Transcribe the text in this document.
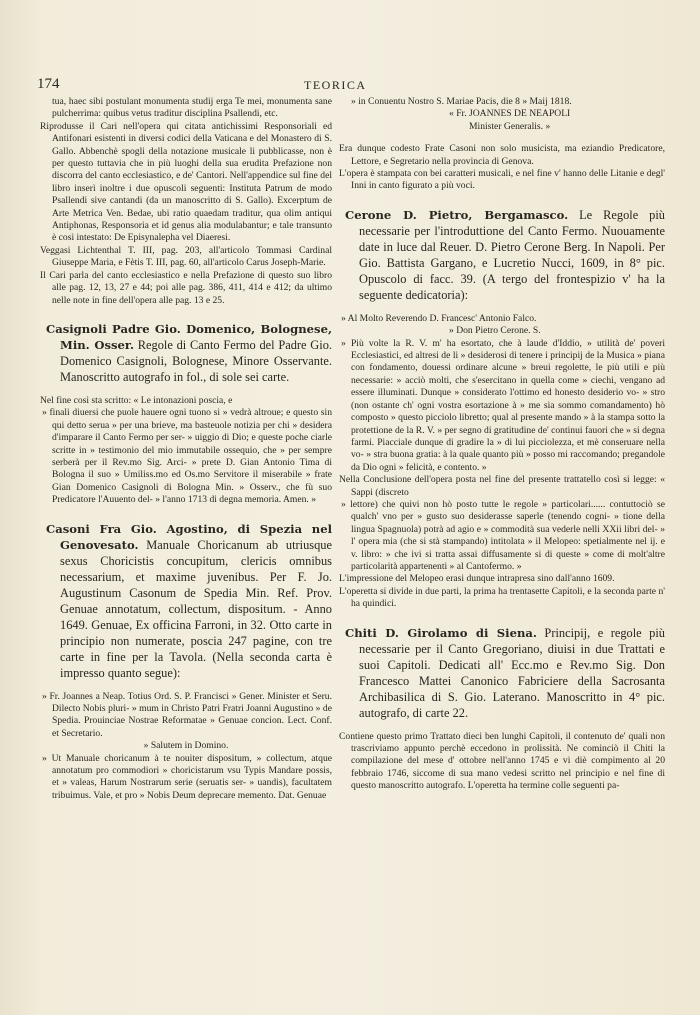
174	TEORICA

tua, haec sibi postulant monumenta studij erga Te mei, monumenta sane pulcherrima: quibus vetus traditur disciplina Psallendi, etc.

Riprodusse il Cari nell'opera qui citata antichissimi Responsoriali ed Antifonari esistenti in diversi codici della Vaticana e del Monastero di S. Gallo. Abbenchè spogli della notazione musicale li pubblicasse, non è per questo tuttavia che in più luoghi della sua erudita Prefazione non discorra del canto ecclesiastico, e de' Cantori. Nell'appendice sul fine del libro inserì inoltre i due opuscoli seguenti: Instituta Patrum de modo Psallendi sive cantandi (da un manoscritto di S. Gallo). Excerptum de Arte Metrica Ven. Bedae, ubi ratio quaedam traditur, qua olim antiqui Antiphonas, Responsoria et id genus alia modulabantur; e tale transunto è così intestato: De Episynalepha vel Diaeresi.

Veggasi Lichtenthal T. III, pag. 203, all'articolo Tommasi Cardinal Giuseppe Maria, e Fètis T. III, pag. 60, all'articolo Carus Joseph-Marie.

Il Cari parla del canto ecclesiastico e nella Prefazione di questo suo libro alle pag. 12, 13, 27 e 44; poi alle pag. 386, 411, 414 e 412; da ultimo nelle note in fine dell'opera alle pag. 13 e 25.

Casignoli Padre Gio. Domenico, Bolognese, Min. Osser. Regole di Canto Fermo del Padre Gio. Domenico Casignoli, Bolognese, Minore Osservante. Manoscritto autografo in fol., di sole sei carte.

Nel fine così sta scritto: « Le intonazioni poscia, e

» finali diuersi che puole hauere ogni tuono si » vedrà altroue; e questo sin qui detto serua » per una brieve, ma basteuole notizia per chi » desidera d'imparare il Canto Fermo per ser- » uiggio di Dio; e queste poche ciarle scritte in » testimonio del mio immutabile ossequio, che » per sempre serberà per il Rev.mo Sig. Arci- » prete D. Gian Antonio Tima di Bologna il suo » Umiliss.mo ed Os.mo Servitore il miserabile » frate Gian Domenico Casignoli di Bologna Min. » Osserv., che fù suo Predicatore l'Auuento del- » l'anno 1713 di degna memoria. Amen. »

Casoni Fra Gio. Agostino, di Spezia nel Genovesato. Manuale Choricanum ab utriusque sexus Choricistis concupitum, clericis omnibus necessarium, et maxime juvenibus. Per F. Jo. Augustinum Casonum de Spedia Min. Ref. Prov. Genuae annotatum, collectum, dispositum. - Anno 1649. Genuae, Ex officina Farroni, in 32. Otto carte in principio non numerate, poscia 247 pagine, con tre carte in fine per la Tavola. (Nella seconda carta è impresso quanto segue):

» Fr. Joannes a Neap. Totius Ord. S. P. Francisci » Gener. Minister et Seru. Dilecto Nobis pluri- » mum in Christo Patri Fratri Joanni Augustino » de Spedia. Prouinciae Nostrae Reformatae » Genuae concion. Lect. Conf. et Secretario.

» Salutem in Domino.

» Ut Manuale choricanum à te nouiter dispositum, » collectum, atque annotatum pro commodiori » choricistarum vsu Typis Mandare possis, et » valeas, Harum Nostrarum serie (seruatis ser- » uandis), facultatem tribuimus. Vale, et pro » Nobis Deum deprecare memento. Dat. Genuae

» in Conuentu Nostro S. Mariae Pacis, die 8 » Maij 1818.

« Fr. JOANNES DE NEAPOLI

Minister Generalis. »

Era dunque codesto Frate Casoni non solo musicista, ma eziandio Predicatore, Lettore, e Segretario nella provincia di Genova.

L'opera è stampata con bei caratteri musicali, e nel fine v' hanno delle Litanie e degl' Inni in canto figurato a più voci.

Cerone D. Pietro, Bergamasco. Le Regole più necessarie per l'introduttione del Canto Fermo. Nuouamente date in luce dal Reuer. D. Pietro Cerone Berg. In Napoli. Per Gio. Battista Gargano, e Lucretio Nucci, 1609, in 8° pic. Opuscolo di facc. 39. (A tergo del frontespizio v' ha la seguente dedicatoria):

» Al Molto Reverendo D. Francesc' Antonio Falco.

» Don Pietro Cerone. S.

» Più volte la R. V. m' ha esortato, che à laude d'Iddio, » utilità de' poveri Ecclesiastici, ed altresi de li » desiderosi di tenere i principij de la Musica » piana con fondamento, douessi ordinare alcune » breui regolette, le più utili e più necessarie: » acciò molti, che s'esercitano in quella come » ciechi, vengano ad essere illuminati. Dunque » considerato l'ottimo ed honesto desiderio vo- » stro (non ostante ch' ogni vostra esortazione à » me sia sommo comandamento) hò composto » questo picciolo libretto; qual al presente mando » à la stampa sotto la protettione de la R. V. » per segno di gratitudine de' continui fauori che » si degna farmi. Piacciale dunque di gradire la » di lui picciolezza, et mè conseruare nella vo- » stra buona gratia: à la quale quanto più » posso mi raccomando; pregandole da Dio ogni » felicità, e contento. »

Nella Conclusione dell'opera posta nel fine del presente trattatello così si legge: « Sappi (discreto

» lettore) che quivi non hò posto tutte le regole » particolari...... contuttociò se qualch' vno per » gusto suo desiderasse saperle (tenendo cogni- » tione della lingua Spagnuola) potrà ad agio e » commodità sua vederle nelli XXii libri del- » l' opera mia (che si stà stampando) intitolata » il Melopeo: spetialmente nel ij. e v. libro: » che ivi si tratta assai diffusamente si di queste » come di molt'altre particolarità appartenenti » al Cantofermo. »

L'impressione del Melopeo erasi dunque intrapresa sino dall'anno 1609.

L'operetta si divide in due parti, la prima ha trentasette Capitoli, e la seconda parte n' ha quindici.

Chiti D. Girolamo di Siena. Principij, e regole più necessarie per il Canto Gregoriano, diuisi in due Trattati e suoi Capitoli. Dedicati all' Ecc.mo e Rev.mo Sig. Don Francesco Mattei Canonico Fabriciere della Sacrosanta Archibasilica di S. Gio. Laterano. Manoscritto in 4° pic. autografo, di carte 22.

Contiene questo primo Trattato dieci ben lunghi Capitoli, il contenuto de' quali non trascriviamo appunto perchè eccedono in prolissità. Ne cominciò il Chiti la compilazione del mese d' ottobre nell'anno 1745 e vi diè compimento al 20 febbraio 1746, siccome di sua mano vedesi scritto nel principio e nel fine di questo manoscritto autografo. L'operetta ha termine colle seguenti pa-
